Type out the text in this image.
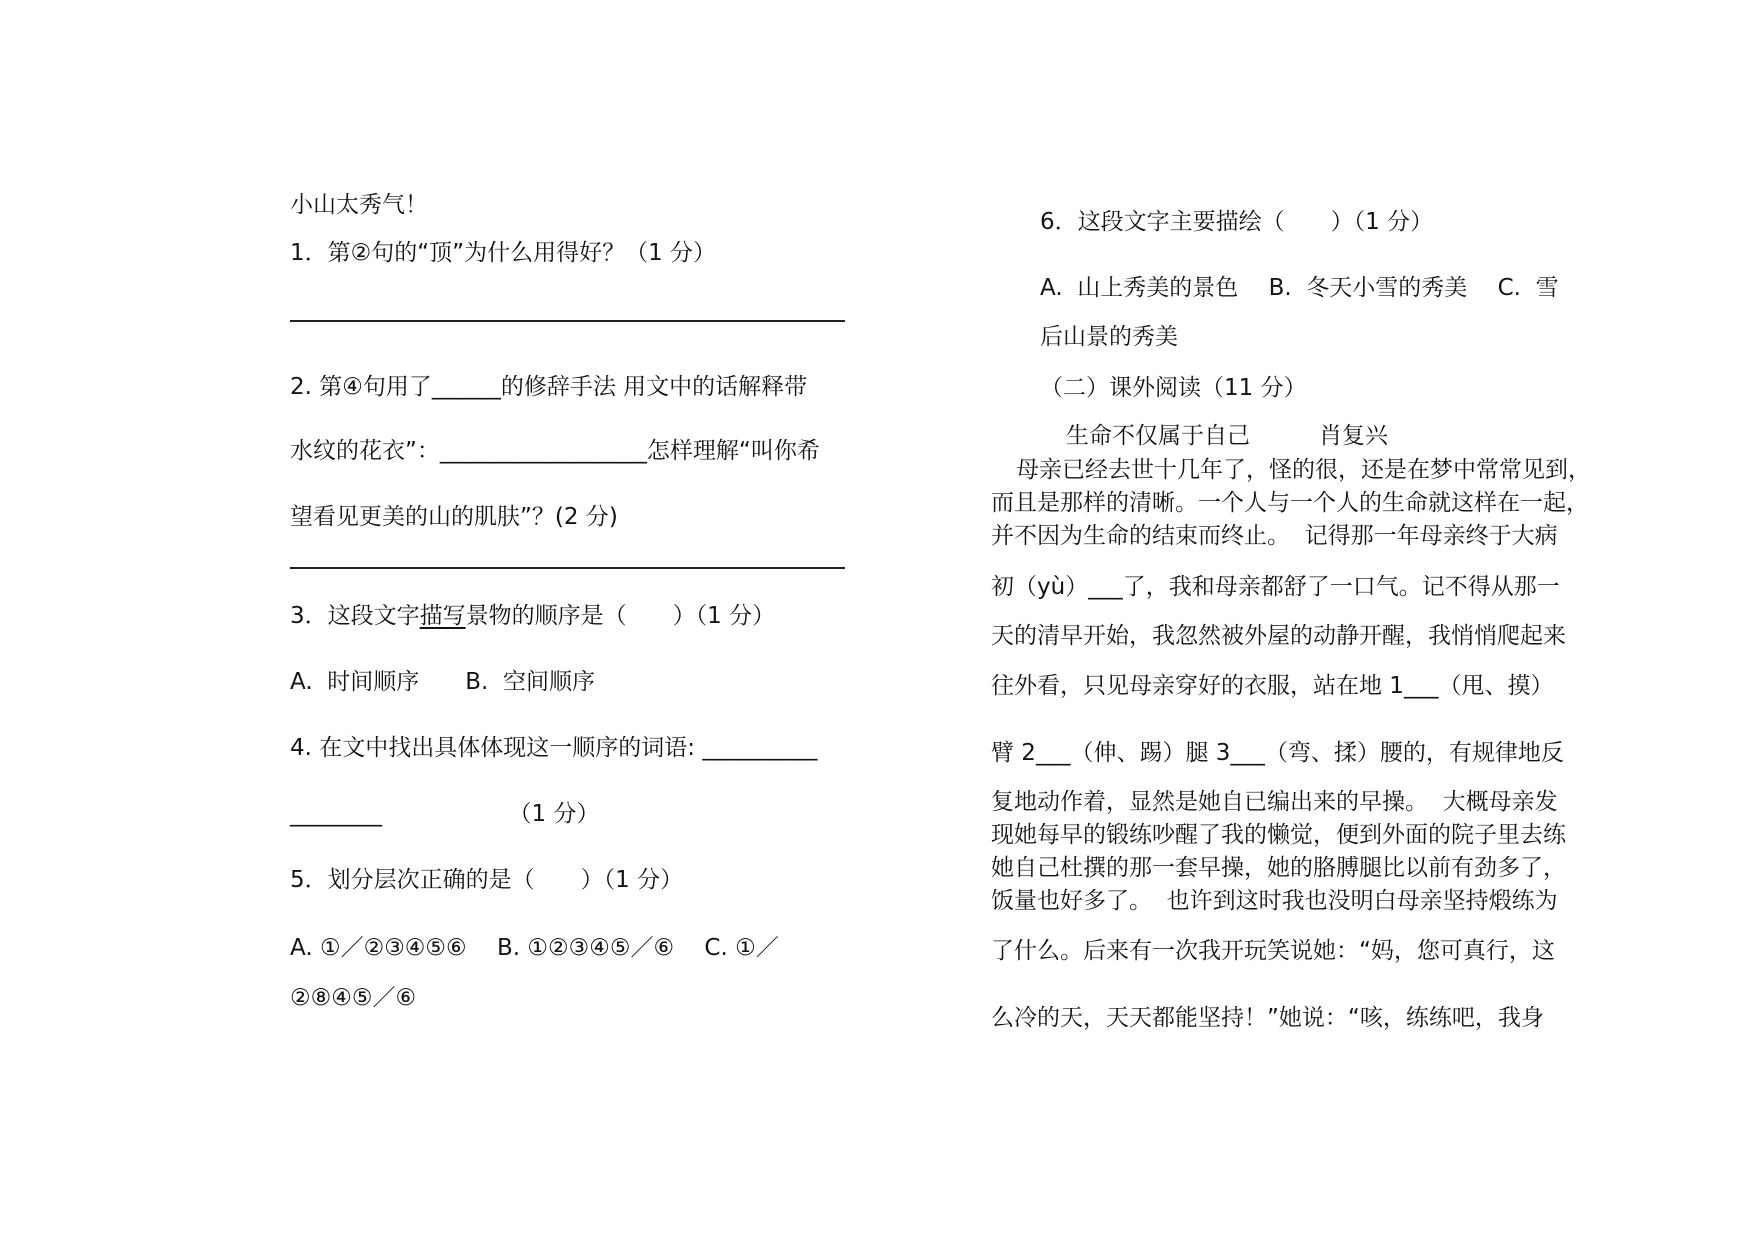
小山太秀气！
1．第②句的“顶”为什么用得好？（1 分）
2. 第④句用了______的修辞手法 用文中的话解释带
水纹的花衣”：__________________怎样理解“叫你希
望看见更美的山的肌肤”？(2 分)
3．这段文字描写景物的顺序是（　　）（1 分）
A.  时间顺序　　B.  空间顺序
4. 在文中找出具体体现这一顺序的词语: __________
________　　　　　　（1 分）
5．划分层次正确的是（　　）（1 分）
A. ①／②③④⑤⑥　 B. ①②③④⑤／⑥　 C. ①／
②⑧④⑤／⑥
6．这段文字主要描绘（　　）（1 分）
A.  山上秀美的景色　 B.  冬天小雪的秀美　 C.  雪
后山景的秀美
（二）课外阅读（11 分）
生命不仅属于自己　　　肖复兴
母亲已经去世十几年了，怪的很，还是在梦中常常见到，
而且是那样的清晰。一个人与一个人的生命就这样在一起，
并不因为生命的结束而终止。  记得那一年母亲终于大病
初（yù）___了，我和母亲都舒了一口气。记不得从那一
天的清早开始，我忽然被外屋的动静开醒，我悄悄爬起来
往外看，只见母亲穿好的衣服，站在地 1___（甩、摸）
臂 2___（伸、踢）腿 3___（弯、揉）腰的，有规律地反
复地动作着，显然是她自已编出来的早操。  大概母亲发
现她每早的锻练吵醒了我的懒觉，便到外面的院子里去练
她自己杜撰的那一套早操，她的胳膊腿比以前有劲多了，
饭量也好多了。  也许到这时我也没明白母亲坚持煅练为
了什么。后来有一次我开玩笑说她：“妈，您可真行，这
么冷的天，天天都能坚持！”她说：“咳，练练吧，我身
